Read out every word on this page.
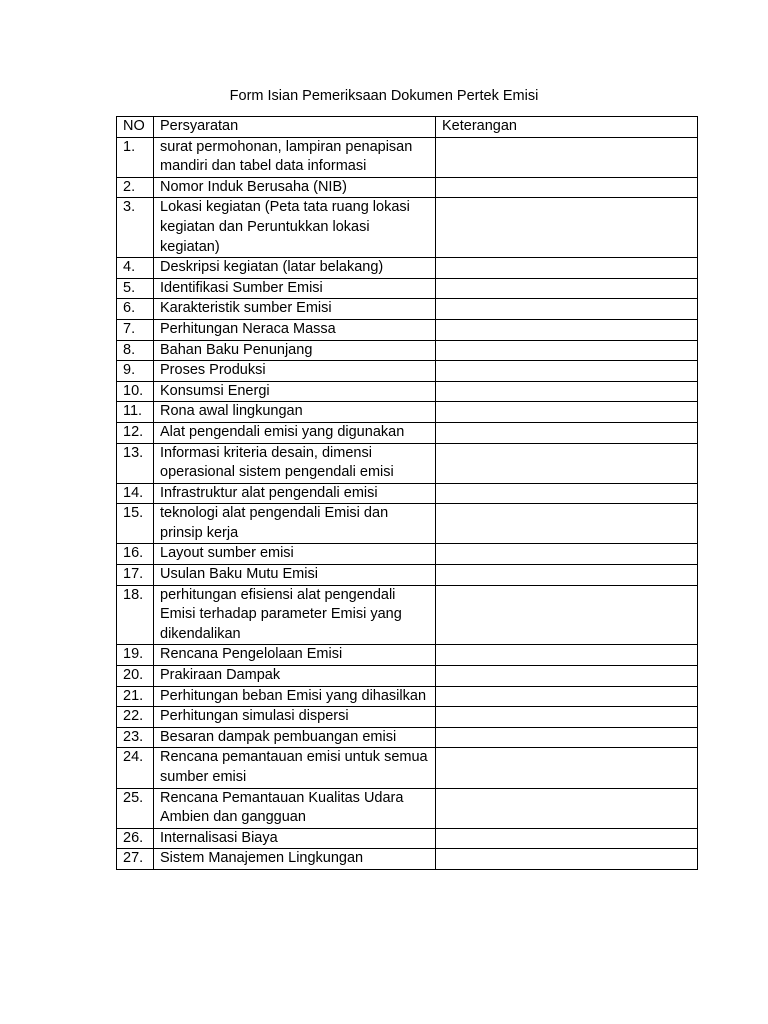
Form Isian Pemeriksaan Dokumen Pertek Emisi
NO	Persyaratan	Keterangan
1.	surat permohonan, lampiran penapisan mandiri dan tabel data informasi	
2.	Nomor Induk Berusaha (NIB)	
3.	Lokasi kegiatan (Peta tata ruang lokasi kegiatan dan Peruntukkan lokasi kegiatan)	
4.	Deskripsi kegiatan (latar belakang)	
5.	Identifikasi Sumber Emisi	
6.	Karakteristik sumber Emisi	
7.	Perhitungan Neraca Massa	
8.	Bahan Baku Penunjang	
9.	Proses Produksi	
10.	Konsumsi Energi	
11.	Rona awal lingkungan	
12.	Alat pengendali emisi yang digunakan	
13.	Informasi kriteria desain, dimensi operasional sistem pengendali emisi	
14.	Infrastruktur alat pengendali emisi	
15.	teknologi alat pengendali Emisi dan prinsip kerja	
16.	Layout sumber emisi	
17.	Usulan Baku Mutu Emisi	
18.	perhitungan efisiensi alat pengendali Emisi terhadap parameter Emisi yang dikendalikan	
19.	Rencana Pengelolaan Emisi	
20.	Prakiraan Dampak	
21.	Perhitungan beban Emisi yang dihasilkan	
22.	Perhitungan simulasi dispersi	
23.	Besaran dampak pembuangan emisi	
24.	Rencana pemantauan emisi untuk semua sumber emisi	
25.	Rencana Pemantauan Kualitas Udara Ambien dan gangguan	
26.	Internalisasi Biaya	
27.	Sistem Manajemen Lingkungan	
